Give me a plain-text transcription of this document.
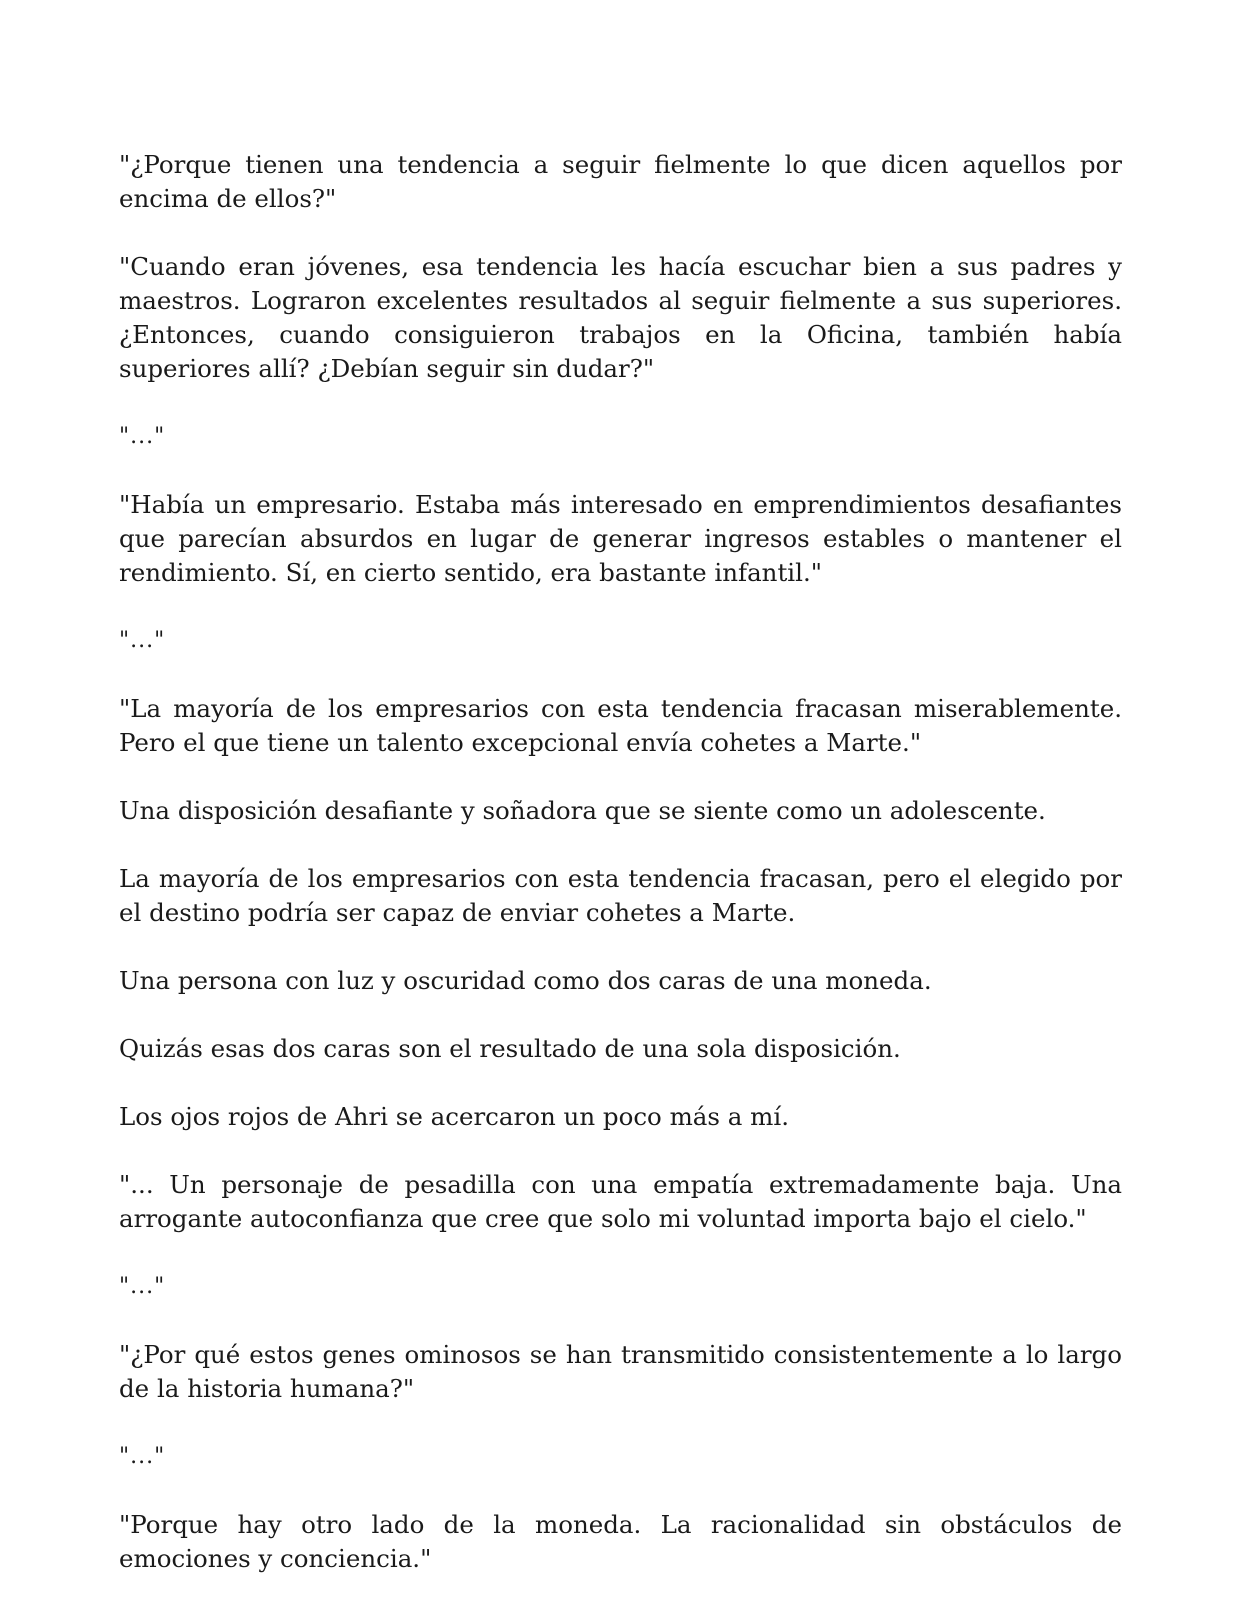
"¿Porque tienen una tendencia a seguir fielmente lo que dicen aquellos por encima de ellos?"

"Cuando eran jóvenes, esa tendencia les hacía escuchar bien a sus padres y maestros. Lograron excelentes resultados al seguir fielmente a sus superiores. ¿Entonces, cuando consiguieron trabajos en la Oficina, también había superiores allí? ¿Debían seguir sin dudar?"

"..."

"Había un empresario. Estaba más interesado en emprendimientos desafiantes que parecían absurdos en lugar de generar ingresos estables o mantener el rendimiento. Sí, en cierto sentido, era bastante infantil."

"..."

"La mayoría de los empresarios con esta tendencia fracasan miserablemente. Pero el que tiene un talento excepcional envía cohetes a Marte."

Una disposición desafiante y soñadora que se siente como un adolescente.

La mayoría de los empresarios con esta tendencia fracasan, pero el elegido por el destino podría ser capaz de enviar cohetes a Marte.

Una persona con luz y oscuridad como dos caras de una moneda.

Quizás esas dos caras son el resultado de una sola disposición.

Los ojos rojos de Ahri se acercaron un poco más a mí.

"... Un personaje de pesadilla con una empatía extremadamente baja. Una arrogante autoconfianza que cree que solo mi voluntad importa bajo el cielo."

"..."

"¿Por qué estos genes ominosos se han transmitido consistentemente a lo largo de la historia humana?"

"..."

"Porque hay otro lado de la moneda. La racionalidad sin obstáculos de emociones y conciencia."
